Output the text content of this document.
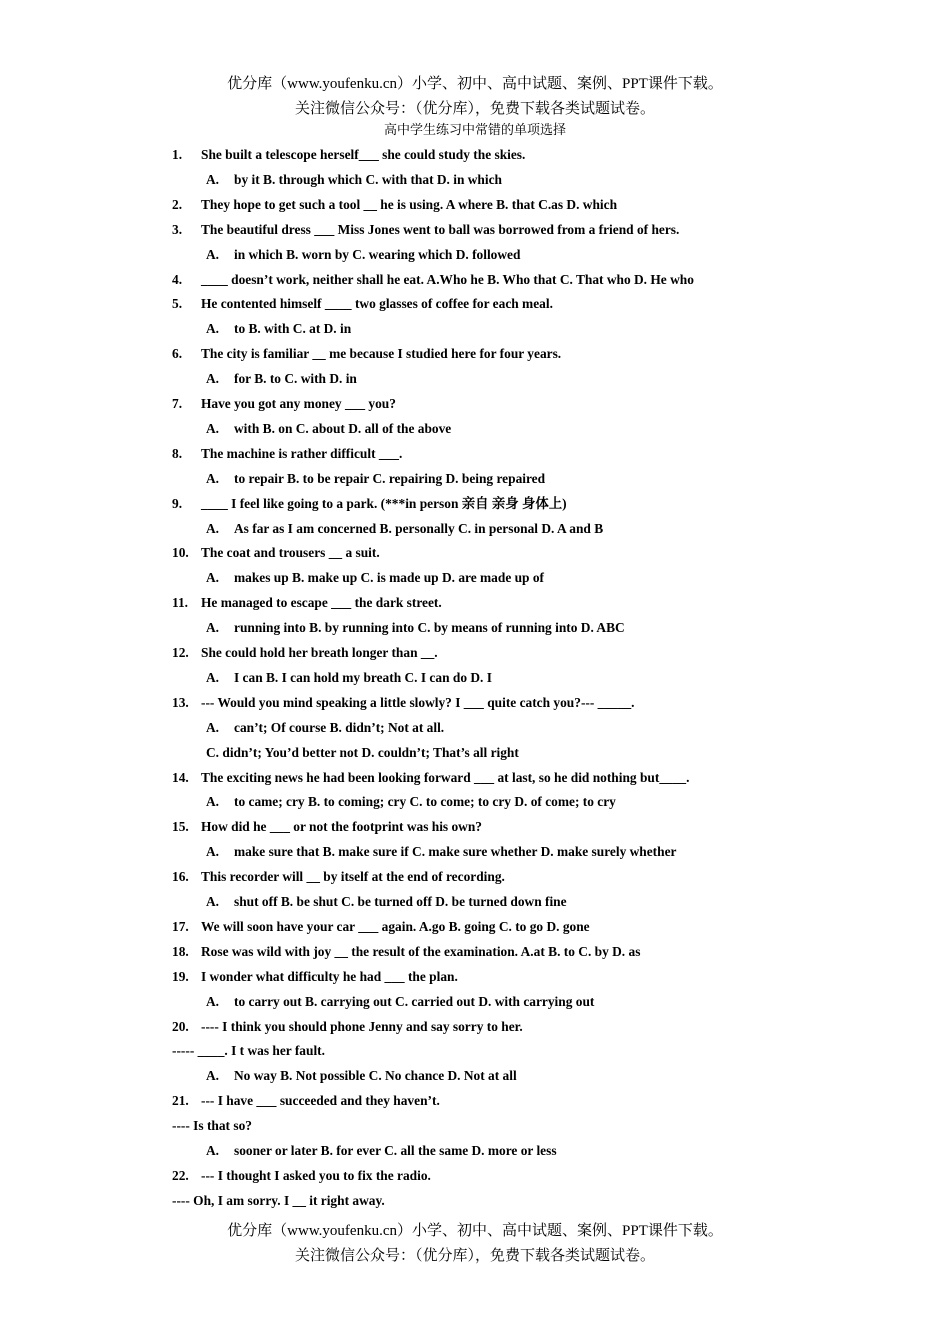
优分库（www.youfenku.cn）小学、初中、高中试题、案例、PPT课件下载。
关注微信公众号：（优分库），免费下载各类试题试卷。
高中学生练习中常错的单项选择
1. She built a telescope herself___ she could study the skies.
A. by it B. through which C. with that D. in which
2. They hope to get such a tool __ he is using. A where B. that C.as D. which
3. The beautiful dress ___ Miss Jones went to ball was borrowed from a friend of hers.
A. in which B. worn by C. wearing which D. followed
4. ____ doesn’t work, neither shall he eat. A.Who he B. Who that C. That who D. He who
5. He contented himself ____ two glasses of coffee for each meal.
A. to B. with C. at D. in
6. The city is familiar __ me because I studied here for four years.
A. for B. to C. with D. in
7. Have you got any money ___ you?
A. with B. on C. about D. all of the above
8. The machine is rather difficult ___.
A. to repair B. to be repair C. repairing D. being repaired
9. ____ I feel like going to a park. (***in person 亲自 亲身 身体上)
A. As far as I am concerned B. personally C. in personal D. A and B
10. The coat and trousers __ a suit.
A. makes up B. make up C. is made up D. are made up of
11. He managed to escape ___ the dark street.
A. running into B. by running into C. by means of running into D. ABC
12. She could hold her breath longer than __.
A. I can B. I can hold my breath C. I can do D. I
13. --- Would you mind speaking a little slowly? I ___ quite catch you?--- _____.
A. can’t; Of course B. didn’t; Not at all.
C. didn’t; You’d better not D. couldn’t; That’s all right
14. The exciting news he had been looking forward ___ at last, so he did nothing but____.
A. to came; cry B. to coming; cry C. to come; to cry D. of come; to cry
15. How did he ___ or not the footprint was his own?
A. make sure that B. make sure if C. make sure whether D. make surely whether
16. This recorder will __ by itself at the end of recording.
A. shut off B. be shut C. be turned off D. be turned down fine
17. We will soon have your car ___ again. A.go B. going C. to go D. gone
18. Rose was wild with joy __ the result of the examination. A.at B. to C. by D. as
19. I wonder what difficulty he had ___ the plan.
A. to carry out B. carrying out C. carried out D. with carrying out
20. ---- I think you should phone Jenny and say sorry to her.
----- ____. I t was her fault.
A. No way B. Not possible C. No chance D. Not at all
21. --- I have ___ succeeded and they haven’t.
---- Is that so?
A. sooner or later B. for ever C. all the same D. more or less
22. --- I thought I asked you to fix the radio.
---- Oh, I am sorry. I __ it right away.
优分库（www.youfenku.cn）小学、初中、高中试题、案例、PPT课件下载。
关注微信公众号：（优分库），免费下载各类试题试卷。
